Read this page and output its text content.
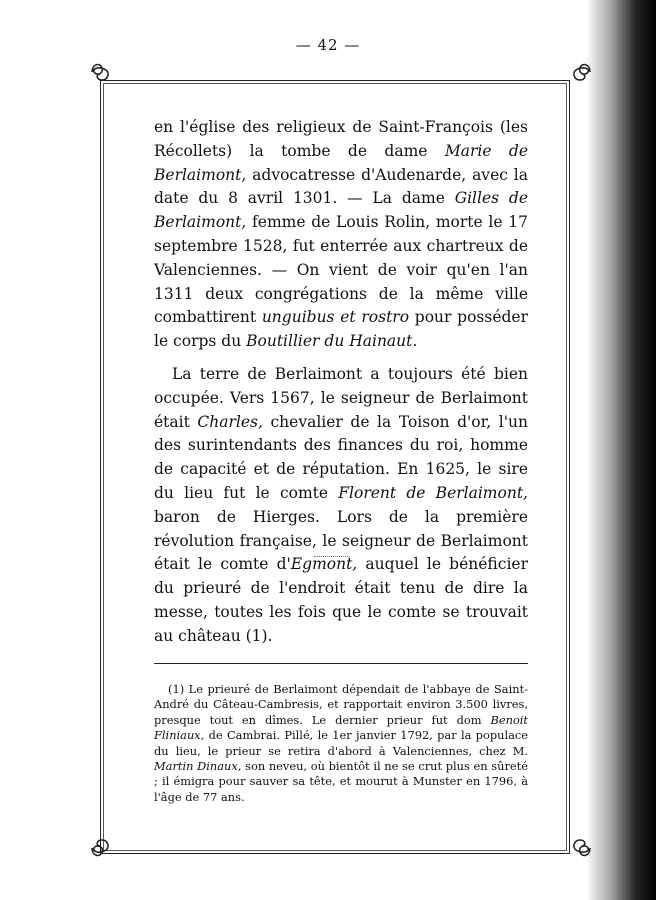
— 42 —

en l'église des religieux de Saint-François (les Récollets) la tombe de dame Marie de Berlaimont, advocatresse d'Audenarde, avec la date du 8 avril 1301. — La dame Gilles de Berlaimont, femme de Louis Rolin, morte le 17 septembre 1528, fut enterrée aux chartreux de Valenciennes. — On vient de voir qu'en l'an 1311 deux congrégations de la même ville combattirent unguibus et rostro pour posséder le corps du Boutillier du Hainaut.

La terre de Berlaimont a toujours été bien occupée. Vers 1567, le seigneur de Berlaimont était Charles, chevalier de la Toison d'or, l'un des surintendants des finances du roi, homme de capacité et de réputation. En 1625, le sire du lieu fut le comte Florent de Berlaimont, baron de Hierges. Lors de la première révolution française, le seigneur de Berlaimont était le comte d'Egmont, auquel le bénéficier du prieuré de l'endroit était tenu de dire la messe, toutes les fois que le comte se trouvait au château (1).

(1) Le prieuré de Berlaimont dépendait de l'abbaye de Saint-André du Câteau-Cambresis, et rapportait environ 3.500 livres, presque tout en dîmes. Le dernier prieur fut dom Benoit Fliniaux, de Cambrai. Pillé, le 1er janvier 1792, par la populace du lieu, le prieur se retira d'abord à Valenciennes, chez M. Martin Dinaux, son neveu, où bientôt il ne se crut plus en sûreté ; il émigra pour sauver sa tête, et mourut à Munster en 1796, à l'âge de 77 ans.
